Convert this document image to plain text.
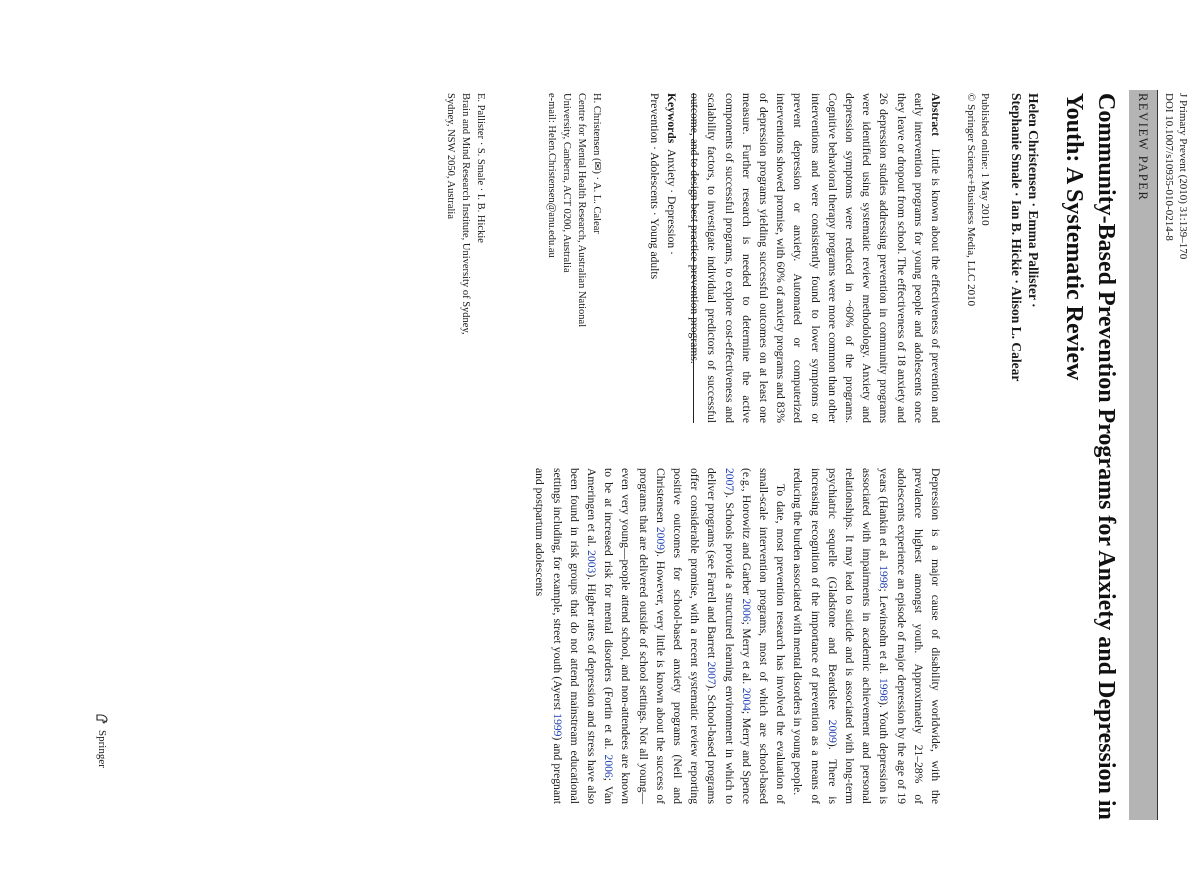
J Primary Prevent (2010) 31:139–170
DOI 10.1007/s10935-010-0214-8
REVIEW PAPER
Community-Based Prevention Programs for Anxiety and Depression in Youth: A Systematic Review
Helen Christensen · Emma Pallister ·
Stephanie Smale · Ian B. Hickie · Alison L. Calear
Published online: 1 May 2010
© Springer Science+Business Media, LLC 2010

Abstract   Little is known about the effectiveness of prevention and early intervention programs for young people and adolescents once they leave or dropout from school. The effectiveness of 18 anxiety and 26 depression studies addressing prevention in community programs were identified using systematic review methodology. Anxiety and depression symptoms were reduced in ~60% of the programs. Cognitive behavioral therapy programs were more common than other interventions and were consistently found to lower symptoms or prevent depression or anxiety. Automated or computerized interventions showed promise, with 60% of anxiety programs and 83% of depression programs yielding successful outcomes on at least one measure. Further research is needed to determine the active components of successful programs, to explore cost-effectiveness and scalability factors, to investigate individual predictors of successful outcome, and to design best practice prevention programs.

Keywords  Anxiety · Depression ·
Prevention · Adolescents · Young adults
H. Christensen (✉) · A. L. Calear
Centre for Mental Health Research, Australian National
University, Canberra, ACT 0200, Australia
e-mail: Helen.Christensen@anu.edu.au
E. Pallister · S. Smale · I. B. Hickie
Brain and Mind Research Institute, University of Sydney,
Sydney, NSW 2050, Australia

Depression is a major cause of disability worldwide, with the prevalence highest amongst youth. Approximately 21–28% of adolescents experience an episode of major depression by the age of 19 years (Hankin et al. 1998; Lewinsohn et al. 1998). Youth depression is associated with impairments in academic achievement and personal relationships. It may lead to suicide and is associated with long-term psychiatric sequelle (Gladstone and Beardslee 2009). There is increasing recognition of the importance of prevention as a means of reducing the burden associated with mental disorders in young people.

To date, most prevention research has involved the evaluation of small-scale intervention programs, most of which are school-based (e.g., Horowitz and Garber 2006; Merry et al. 2004; Merry and Spence 2007). Schools provide a structured learning environment in which to deliver programs (see Farrell and Barrett 2007). School-based programs offer considerable promise, with a recent systematic review reporting positive outcomes for school-based anxiety programs (Neil and Christensen 2009). However, very little is known about the success of programs that are delivered outside of school settings. Not all young—even very young—people attend school, and non-attendees are known to be at increased risk for mental disorders (Fortin et al. 2006; Van Ameringen et al. 2003). Higher rates of depression and stress have also been found in risk groups that do not attend mainstream educational settings including, for example, street youth (Ayerst 1999) and pregnant and postpartum adolescents

Springer
